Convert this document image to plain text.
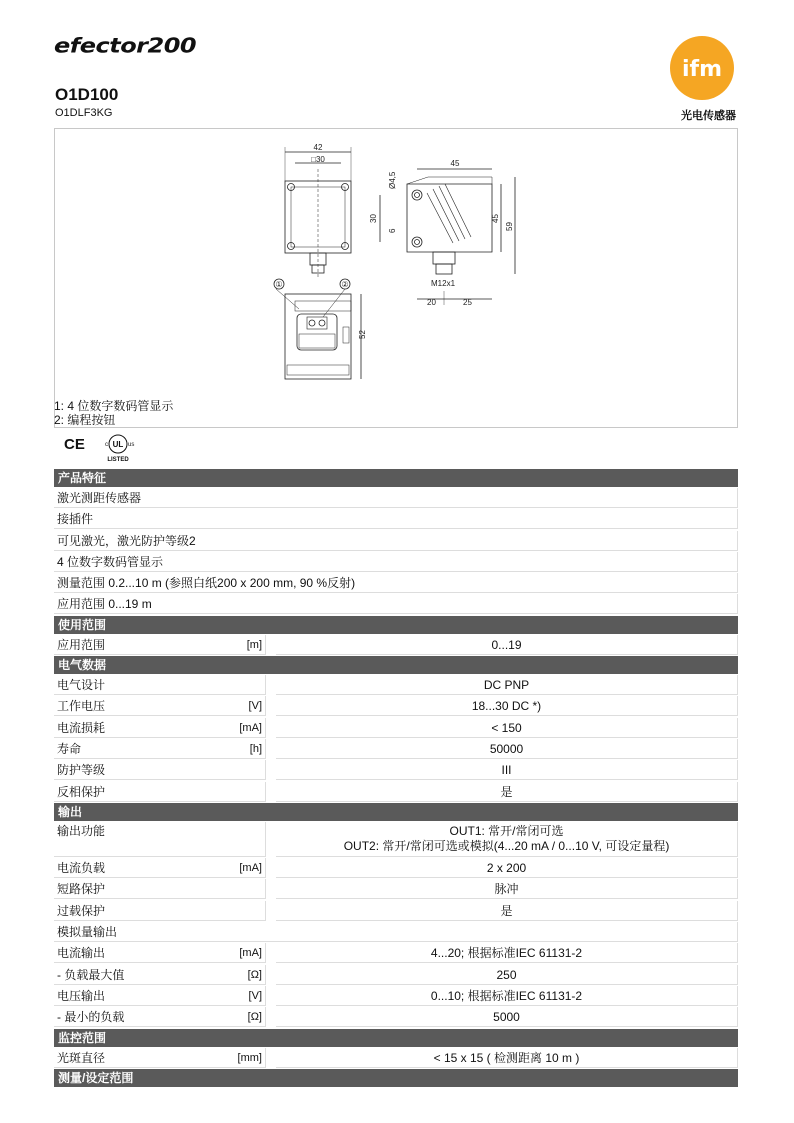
efector200
O1D100
O1DLF3KG
ifm
光电传感器
42
□30
①	②
52
45
Ø4,5
30
6
45
59
M12x1
20	25
1: 4 位数字数码管显示
2: 编程按钮
CE	c UL us
LISTED
产品特征
激光测距传感器
接插件
可见激光，激光防护等级2
4 位数字数码管显示
测量范围 0.2...10 m (参照白纸200 x 200 mm, 90 %反射)
应用范围 0...19 m
使用范围
应用范围	[m]	0...19
电气数据
电气设计	DC PNP
工作电压	[V]	18...30 DC *)
电流损耗	[mA]	< 150
寿命	[h]	50000
防护等级	III
反相保护	是
输出
输出功能	OUT1: 常开/常闭可选
OUT2: 常开/常闭可选或模拟(4...20 mA / 0...10 V, 可设定量程)
电流负载	[mA]	2 x 200
短路保护	脉冲
过载保护	是
模拟量输出
电流输出	[mA]	4...20; 根据标准IEC 61131-2
- 负载最大值	[Ω]	250
电压输出	[V]	0...10; 根据标准IEC 61131-2
- 最小的负载	[Ω]	5000
监控范围
光斑直径	[mm]	< 15 x 15 ( 检测距离 10 m )
测量/设定范围
